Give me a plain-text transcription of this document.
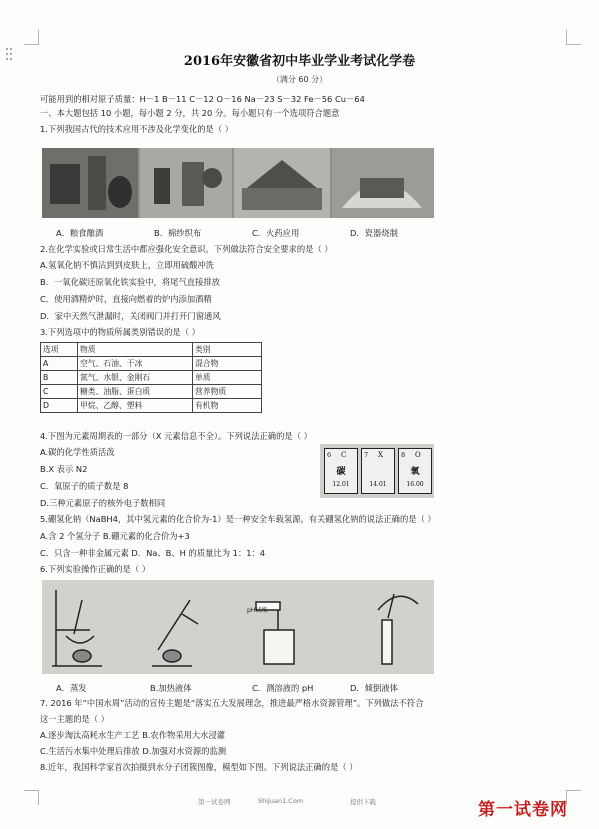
2016年安徽省初中毕业学业考试化学卷
（满分 60 分）
可能用到的相对原子质量：H－1 B－11 C－12 O－16 Na－23 S－32 Fe－56 Cu－64
一、本大题包括 10 小题，每小题 2 分，共 20 分。每小题只有一个选项符合题意
1.下列我国古代的技术应用不涉及化学变化的是（ ）
A．粮食酿酒	B．棉纱织布	C．火药应用	D．瓷器烧制
2.在化学实验或日常生活中都应强化安全意识。下列做法符合安全要求的是（ ）
A.氢氧化钠不慎沾到到皮肤上，立即用硫酸冲洗
B．一氧化碳还原氧化铁实验中，将尾气直接排放
C．使用酒精炉时，直接向燃着的炉内添加酒精
D．家中天然气泄漏时，关闭阀门并打开门窗通风
3.下列选项中的物质所属类别错误的是（ ）
选项	物质	类别
A	空气、石油、干冰	混合物
B	氮气、水银、金刚石	单质
C	糖类、油脂、蛋白质	营养物质
D	甲烷、乙醇、塑料	有机物
4.下图为元素周期表的一部分（X 元素信息不全）。下列说法正确的是（ ）
A.碳的化学性质活泼
B.X 表示 N2
C．氧原子的质子数是 8
D.三种元素原子的核外电子数相同
6 C
碳
12.01
7 X
14.01
8 O
氧
16.00
5.硼氢化钠（NaBH4，其中氢元素的化合价为-1）是一种安全车载氢源。有关硼氢化钠的说法正确的是（ ）
A.含 2 个氢分子 B.硼元素的化合价为+3
C．只含一种非金属元素 D．Na、B、H 的质量比为 1：1：4
6.下列实验操作正确的是（ ）
pH试纸
A．蒸发	B.加热液体	C．测溶液的 pH	D．倾倒液体
7. 2016 年“中国水周”活动的宣传主题是“落实五大发展理念，推进最严格水资源管理”。下列做法不符合
这一主题的是（ ）
A.逐步淘汰高耗水生产工艺 B.农作物采用大水浸灌
C.生活污水集中处理后排放 D.加强对水资源的监测
8.近年，我国科学家首次拍摄到水分子团簇图像，模型如下图。下列说法正确的是（ ）
第一试卷网	Shijuan1.Com	提供下载	第一试卷网
